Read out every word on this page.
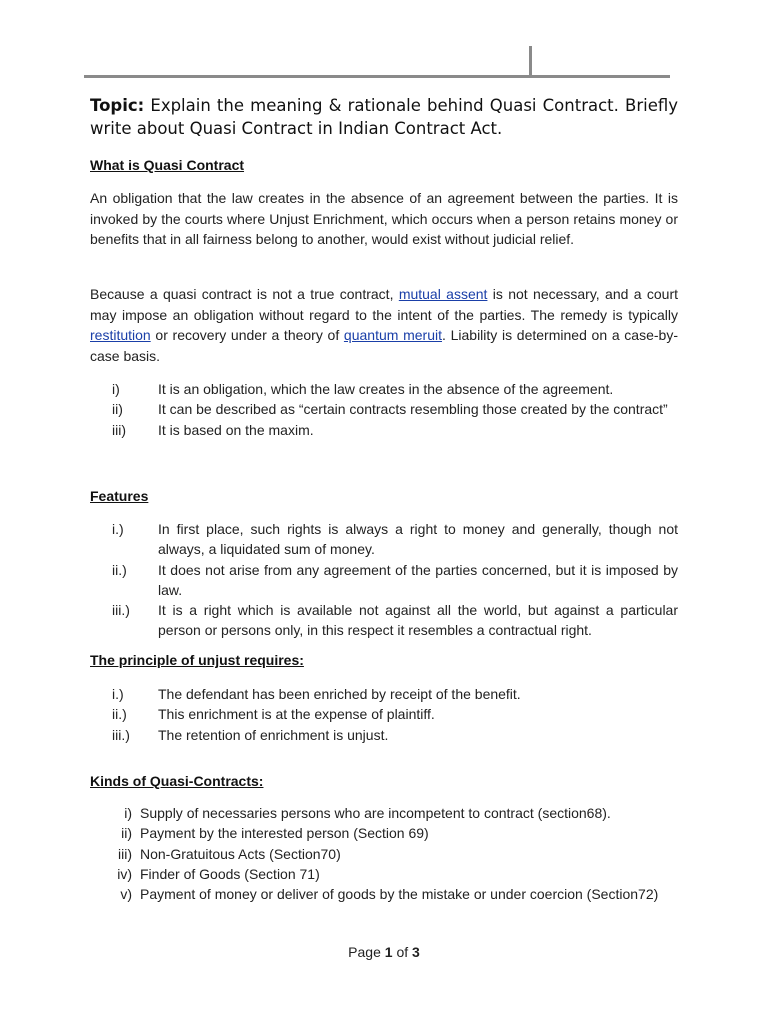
Topic: Explain the meaning & rationale behind Quasi Contract. Briefly write about Quasi Contract in Indian Contract Act.
What is Quasi Contract
An obligation that the law creates in the absence of an agreement between the parties. It is invoked by the courts where Unjust Enrichment, which occurs when a person retains money or benefits that in all fairness belong to another, would exist without judicial relief.
Because a quasi contract is not a true contract, mutual assent is not necessary, and a court may impose an obligation without regard to the intent of the parties. The remedy is typically restitution or recovery under a theory of quantum meruit. Liability is determined on a case-by-case basis.
i)	It is an obligation, which the law creates in the absence of the agreement.
ii)	It can be described as “certain contracts resembling those created by the contract”
iii) It is based on the maxim.
Features
i.) In first place, such rights is always a right to money and generally, though not always, a liquidated sum of money.
ii.) It does not arise from any agreement of the parties concerned, but it is imposed by law.
iii.) It is a right which is available not against all the world, but against a particular person or persons only, in this respect it resembles a contractual right.
The principle of unjust requires:
i.) The defendant has been enriched by receipt of the benefit.
ii.) This enrichment is at the expense of plaintiff.
iii.) The retention of enrichment is unjust.
Kinds of Quasi-Contracts:
i) Supply of necessaries persons who are incompetent to contract (section68).
ii) Payment by the interested person (Section 69)
iii) Non-Gratuitous Acts (Section70)
iv) Finder of Goods (Section 71)
v) Payment of money or deliver of goods by the mistake or under coercion (Section72)
Page 1 of 3
